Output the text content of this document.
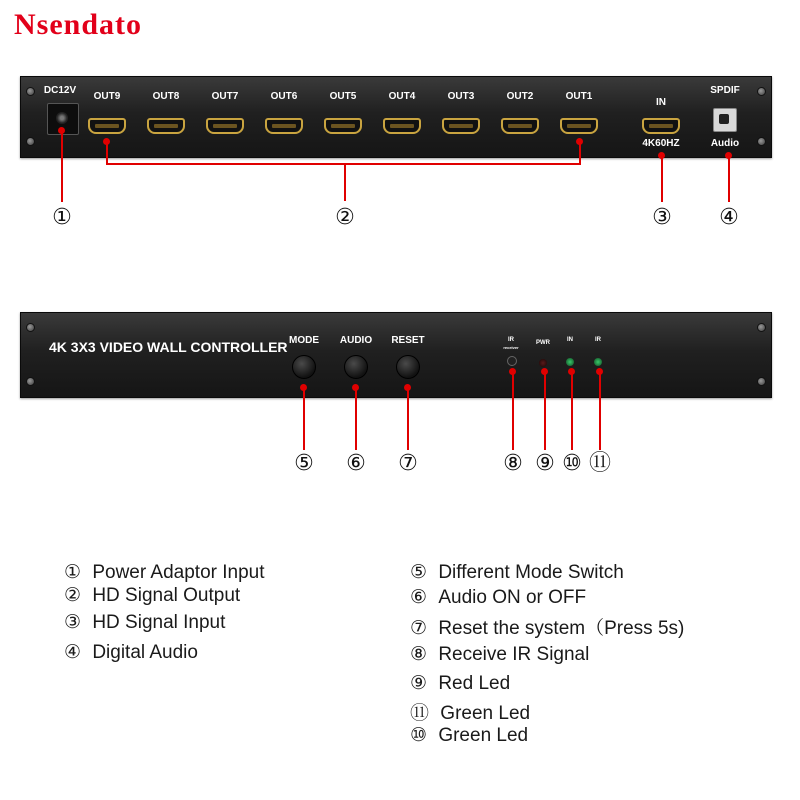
Nsendato
DC12V
OUT9	OUT8	OUT7	OUT6	OUT5	OUT4	OUT3	OUT2	OUT1
IN
4K60HZ
SPDIF
Audio
①	②	③	④
4K 3X3 VIDEO WALL CONTROLLER MODE	AUDIO	RESET	IR
receiver
PWR	IN	IR
⑤	⑥	⑦	⑧ ⑨ ⑩ ⑪
① Power Adaptor Input
② HD Signal Output
③ HD Signal Input
④ Digital Audio
⑤ Different Mode Switch
⑥ Audio ON or OFF
⑦ Reset the system（Press 5s)
⑧ Receive IR Signal
⑨ Red Led
⑪ Green Led
⑩ Green Led
